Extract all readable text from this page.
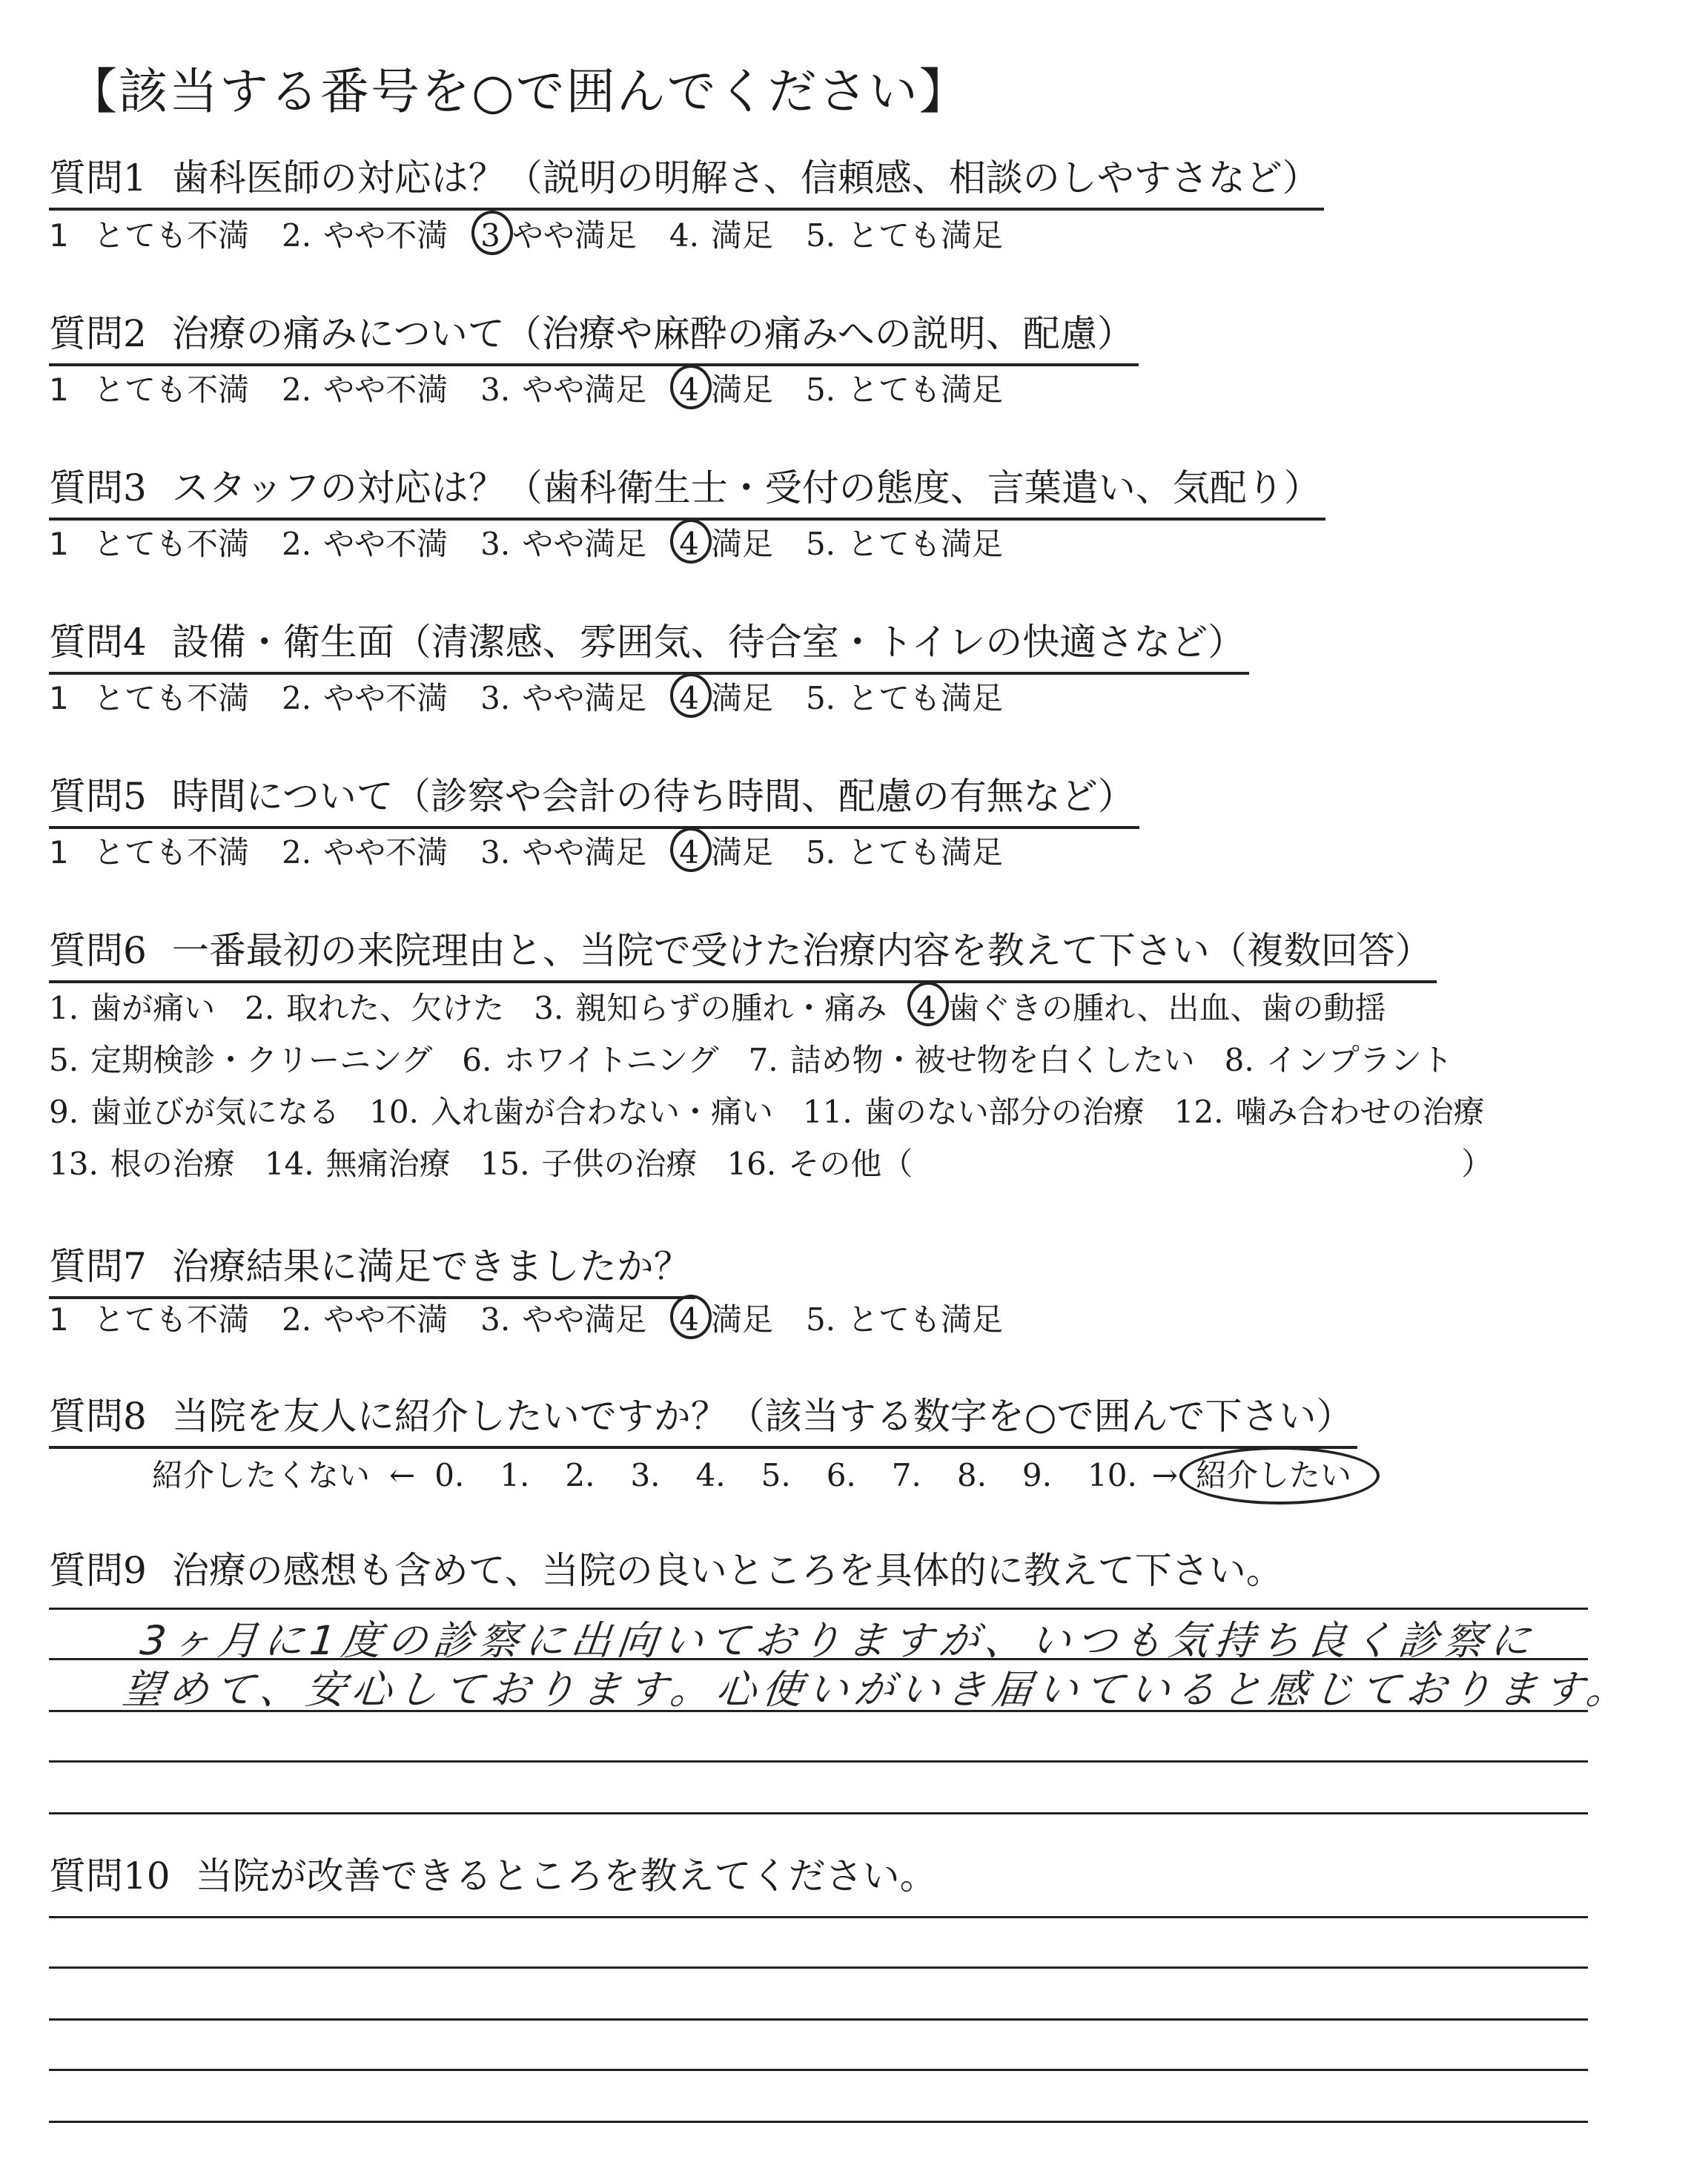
【該当する番号を○で囲んでください】
質問1 歯科医師の対応は？（説明の明解さ、信頼感、相談のしやすさなど）
1 とても不満 2. やや不満 3 やや満足 4. 満足 5. とても満足
質問2 治療の痛みについて（治療や麻酔の痛みへの説明、配慮）
1 とても不満 2. やや不満 3. やや満足 4 満足 5. とても満足
質問3 スタッフの対応は？（歯科衛生士・受付の態度、言葉遣い、気配り）
1 とても不満 2. やや不満 3. やや満足 4 満足 5. とても満足
質問4 設備・衛生面（清潔感、雰囲気、待合室・トイレの快適さなど）
1 とても不満 2. やや不満 3. やや満足 4 満足 5. とても満足
質問5 時間について（診察や会計の待ち時間、配慮の有無など）
1 とても不満 2. やや不満 3. やや満足 4 満足 5. とても満足
質問6 一番最初の来院理由と、当院で受けた治療内容を教えて下さい（複数回答）
1. 歯が痛い 2. 取れた、欠けた 3. 親知らずの腫れ・痛み 4 歯ぐきの腫れ、出血、歯の動揺
5. 定期検診・クリーニング 6. ホワイトニング 7. 詰め物・被せ物を白くしたい 8. インプラント
9. 歯並びが気になる 10. 入れ歯が合わない・痛い 11. 歯のない部分の治療 12. 噛み合わせの治療
13. 根の治療 14. 無痛治療 15. 子供の治療 16. その他（	）
質問7 治療結果に満足できましたか？
1 とても不満 2. やや不満 3. やや満足 4 満足 5. とても満足
質問8 当院を友人に紹介したいですか？（該当する数字を○で囲んで下さい）
紹介したくない ← 0. 1. 2. 3. 4. 5. 6. 7. 8. 9. 10. → 紹介したい
質問9 治療の感想も含めて、当院の良いところを具体的に教えて下さい。
3ヶ月に1度の診察に出向いておりますが、いつも気持ち良く診察に
望めて、安心しております。心使いがいき届いていると感じております。
質問10 当院が改善できるところを教えてください。
